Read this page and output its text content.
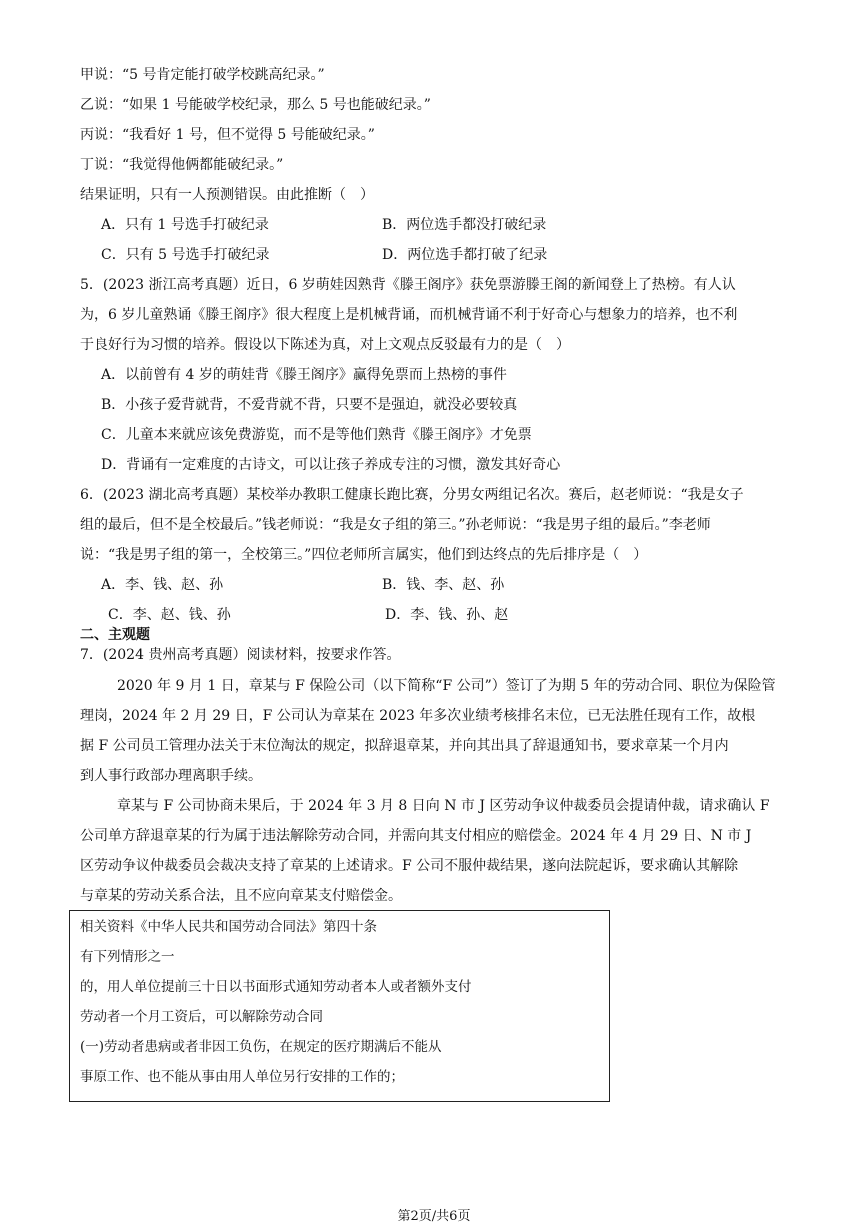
甲说：“5 号肯定能打破学校跳高纪录。”
乙说：“如果 1 号能破学校纪录，那么 5 号也能破纪录。”
丙说：“我看好 1 号，但不觉得 5 号能破纪录。”
丁说：“我觉得他俩都能破纪录。”
结果证明，只有一人预测错误。由此推断（　）
A．只有 1 号选手打破纪录	B．两位选手都没打破纪录
C．只有 5 号选手打破纪录	D．两位选手都打破了纪录
5．(2023 浙江高考真题）近日，6 岁萌娃因熟背《滕王阁序》获免票游滕王阁的新闻登上了热榜。有人认
为，6 岁儿童熟诵《滕王阁序》很大程度上是机械背诵，而机械背诵不利于好奇心与想象力的培养，也不利
于良好行为习惯的培养。假设以下陈述为真，对上文观点反驳最有力的是（　）
A．以前曾有 4 岁的萌娃背《滕王阁序》赢得免票而上热榜的事件
B．小孩子爱背就背，不爱背就不背，只要不是强迫，就没必要较真
C．儿童本来就应该免费游览，而不是等他们熟背《滕王阁序》才免票
D．背诵有一定难度的古诗文，可以让孩子养成专注的习惯，激发其好奇心
6．(2023 湖北高考真题）某校举办教职工健康长跑比赛，分男女两组记名次。赛后，赵老师说：“我是女子
组的最后，但不是全校最后。”钱老师说：“我是女子组的第三。”孙老师说：“我是男子组的最后。”李老师
说：“我是男子组的第一，全校第三。”四位老师所言属实，他们到达终点的先后排序是（　）
A．李、钱、赵、孙	B．钱、李、赵、孙
C．李、赵、钱、孙	D．李、钱、孙、赵
二、主观题
7．(2024 贵州高考真题）阅读材料，按要求作答。
2020 年 9 月 1 日，章某与 F 保险公司（以下简称“F 公司”）签订了为期 5 年的劳动合同、职位为保险管
理岗，2024 年 2 月 29 日，F 公司认为章某在 2023 年多次业绩考核排名末位，已无法胜任现有工作，故根
据 F 公司员工管理办法关于末位淘汰的规定，拟辞退章某，并向其出具了辞退通知书，要求章某一个月内
到人事行政部办理离职手续。
章某与 F 公司协商未果后，于 2024 年 3 月 8 日向 N 市 J 区劳动争议仲裁委员会提请仲裁，请求确认 F
公司单方辞退章某的行为属于违法解除劳动合同，并需向其支付相应的赔偿金。2024 年 4 月 29 日、N 市 J
区劳动争议仲裁委员会裁决支持了章某的上述请求。F 公司不服仲裁结果，遂向法院起诉，要求确认其解除
与章某的劳动关系合法，且不应向章某支付赔偿金。
相关资料《中华人民共和国劳动合同法》第四十条
有下列情形之一
的，用人单位提前三十日以书面形式通知劳动者本人或者额外支付
劳动者一个月工资后，可以解除劳动合同
(一)劳动者患病或者非因工负伤，在规定的医疗期满后不能从
事原工作、也不能从事由用人单位另行安排的工作的；
第2页/共6页
